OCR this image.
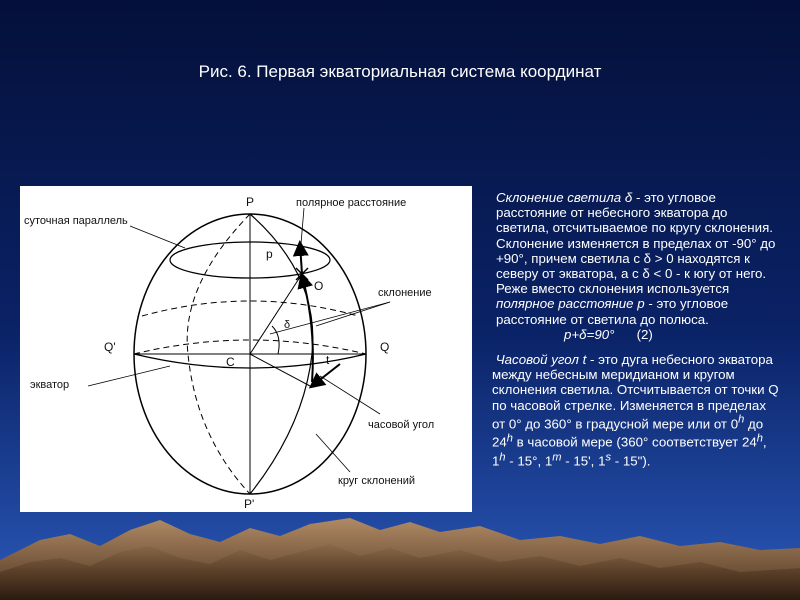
Рис. 6. Первая экваториальная система координат
P
P'
Q
Q'
C
O
p
t
δ
суточная параллель
полярное расстояние
склонение
экватор
часовой угол
круг склонений

Склонение светила δ - это угловое расстояние от небесного экватора до светила, отсчитываемое по кругу склонения. Склонение изменяется в пределах от -90° до +90°, причем светила с δ > 0 находятся к северу от экватора, а с δ < 0 - к югу от него. Реже вместо склонения используется полярное расстояние p - это угловое расстояние от светила до полюса.

p+δ=90° (2)

Часовой угол t - это дуга небесного экватора между небесным меридианом и кругом склонения светила. Отсчитывается от точки Q по часовой стрелке. Изменяется в пределах от 0° до 360° в градусной мере или от 0$^h$ до 24$^h$ в часовой мере (360° соответствует 24$^h$, 1$^h$ - 15°, 1$^m$ - 15', 1$^s$ - 15").
